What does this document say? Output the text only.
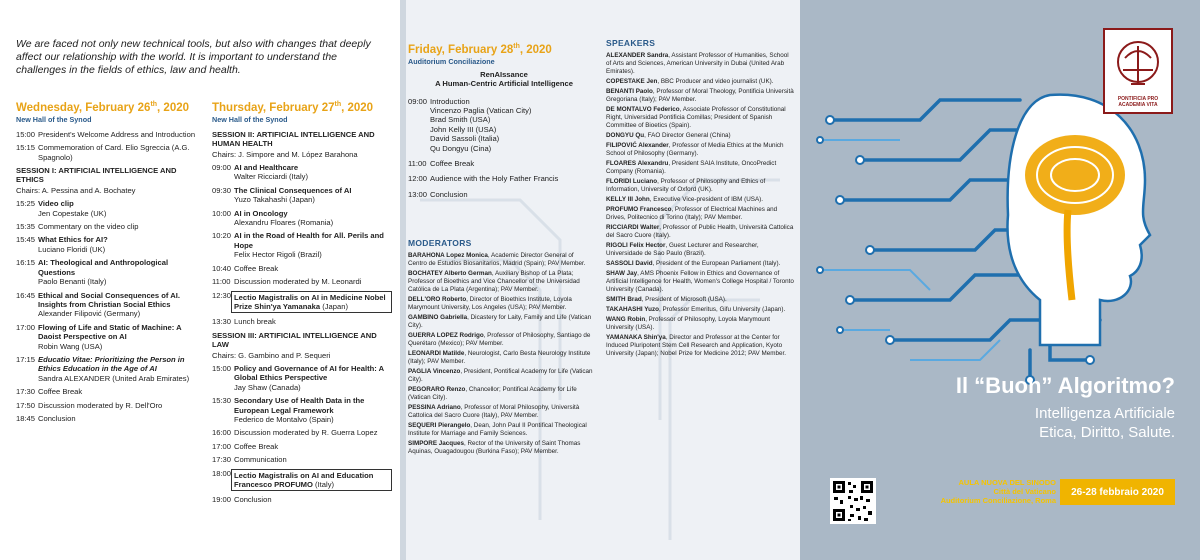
We are faced not only new technical tools, but also with changes that deeply affect our relationship with the world. It is important to understand the challenges in the fields of ethics, law and health.
Wednesday, February 26th, 2020
New Hall of the Synod
15:00 President's Welcome Address and Introduction
15:15 Commemoration of Card. Elio Sgreccia (A.G. Spagnolo)
SESSION I: ARTIFICIAL INTELLIGENCE AND ETHICS
Chairs: A. Pessina and A. Bochatey
15:25 Video clip
Jen Copestake (UK)
15:35 Commentary on the video clip
15:45 What Ethics for AI?
Luciano Floridi (UK)
16:15 AI: Theological and Anthropological Questions
Paolo Benanti (Italy)
16:45 Ethical and Social Consequences of AI. Insights from Christian Social Ethics
Alexander Filipović (Germany)
17:00 Flowing of Life and Static of Machine: A Daoist Perspective on AI
Robin Wang (USA)
17:15 Educatio Vitae: Prioritizing the Person in Ethics Education in the Age of AI
Sandra ALEXANDER (United Arab Emirates)
17:30 Coffee Break
17:50 Discussion moderated by R. Dell'Oro
18:45 Conclusion
Thursday, February 27th, 2020
New Hall of the Synod
SESSION II: ARTIFICIAL INTELLIGENCE AND HUMAN HEALTH
Chairs: J. Simpore and M. López Barahona
09:00 AI and Healthcare
Walter Ricciardi (Italy)
09:30 The Clinical Consequences of AI
Yuzo Takahashi (Japan)
10:00 AI in Oncology
Alexandru Floares (Romania)
10:20 AI in the Road of Health for All. Perils and Hope
Felix Hector Rigoli (Brazil)
10:40 Coffee Break
11:00 Discussion moderated by M. Leonardi
12:30 Lectio Magistralis on AI in Medicine Nobel Prize Shin'ya Yamanaka (Japan)
13:30 Lunch break
SESSION III: ARTIFICIAL INTELLIGENCE AND LAW
Chairs: G. Gambino and P. Sequeri
15:00 Policy and Governance of AI for Health: A Global Ethics Perspective
Jay Shaw (Canada)
15:30 Secondary Use of Health Data in the European Legal Framework
Federico de Montalvo (Spain)
16:00 Discussion moderated by R. Guerra Lopez
17:00 Coffee Break
17:30 Communication
18:00 Lectio Magistralis on AI and Education Francesco PROFUMO (Italy)
19:00 Conclusion
Friday, February 28th, 2020
Auditorium Conciliazione
RenAIssance
A Human-Centric Artificial Intelligence
09:00 Introduction
Vincenzo Paglia (Vatican City)
Brad Smith (USA)
John Kelly III (USA)
David Sassoli (Italia)
Qu Dongyu (Cina)
11:00 Coffee Break
12:00 Audience with the Holy Father Francis
13:00 Conclusion
MODERATORS
BARAHONA Lopez Monica, Academic Director General of Centro de Estudios Biosanitarios, Madrid (Spain); PAV Member.
BOCHATEY Alberto German, Auxiliary Bishop of La Plata; Professor of Bioethics and Vice Chancellor of the Universidad Católica de La Plata (Argentina); PAV Member.
DELL'ORO Roberto, Director of Bioethics Institute, Loyola Marymount University, Los Angeles (USA); PAV Member.
GAMBINO Gabriella, Dicastery for Laity, Family and Life (Vatican City).
GUERRA LOPEZ Rodrigo, Professor of Philosophy, Santiago de Querétaro (Mexico); PAV Member.
LEONARDI Matilde, Neurologist, Carlo Besta Neurology Institute (Italy); PAV Member.
PAGLIA Vincenzo, President, Pontifical Academy for Life (Vatican City).
PEGORARO Renzo, Chancellor; Pontifical Academy for Life (Vatican City).
PESSINA Adriano, Professor of Moral Philosophy, Università Cattolica del Sacro Cuore (Italy), PAV Member.
SEQUERI Pierangelo, Dean, John Paul II Pontifical Theological Institute for Marriage and Family Sciences.
SIMPORE Jacques, Rector of the University of Saint Thomas Aquinas, Ouagadougou (Burkina Faso); PAV Member.
SPEAKERS
ALEXANDER Sandra, Assistant Professor of Humanities, School of Arts and Sciences, American University in Dubai (United Arab Emirates).
COPESTAKE Jen, BBC Producer and video journalist (UK).
BENANTI Paolo, Professor of Moral Theology, Pontificia Università Gregoriana (Italy); PAV Member.
DE MONTALVO Federico, Associate Professor of Constitutional Right, Universidad Pontificia Comillas; President of Spanish Committee of Bioetics (Spain).
DONGYU Qu, FAO Director General (China)
FILIPOVIĆ Alexander, Professor of Media Ethics at the Munich School of Philosophy (Germany).
FLOARES Alexandru, President SAIA Institute, OncoPredict Company (Romania).
FLORIDI Luciano, Professor of Philosophy and Ethics of Information, University of Oxford (UK).
KELLY III John, Executive Vice-president of IBM (USA).
PROFUMO Francesco, Professor of Electrical Machines and Drives, Politecnico di Torino (Italy); PAV Member.
RICCIARDI Walter, Professor of Public Health, Università Cattolica del Sacro Cuore (Italy).
RIGOLI Felix Hector, Guest Lecturer and Researcher, Universidade de Sao Paulo (Brazil).
SASSOLI David, President of the European Parliament (Italy).
SHAW Jay, AMS Phoenix Fellow in Ethics and Governance of Artificial Intelligence for Health, Women's College Hospital / Toronto University (Canada).
SMITH Brad, President of Microsoft (USA).
TAKAHASHI Yuzo, Professor Emeritus, Gifu University (Japan).
WANG Robin, Professor of Philosophy, Loyola Marymount University (USA).
YAMANAKA Shin'ya, Director and Professor at the Center for Induced Pluripotent Stem Cell Research and Application, Kyoto University (Japan); Nobel Prize for Medicine 2012; PAV Member.
PONTIFICIA PRO
ACADEMIA VITA
Il “Buon” Algoritmo?
Intelligenza Artificiale
Etica, Diritto, Salute.
AULA NUOVA DEL SINODO
Città del Vaticano
Auditorium Conciliazione, Roma
26-28 febbraio 2020
